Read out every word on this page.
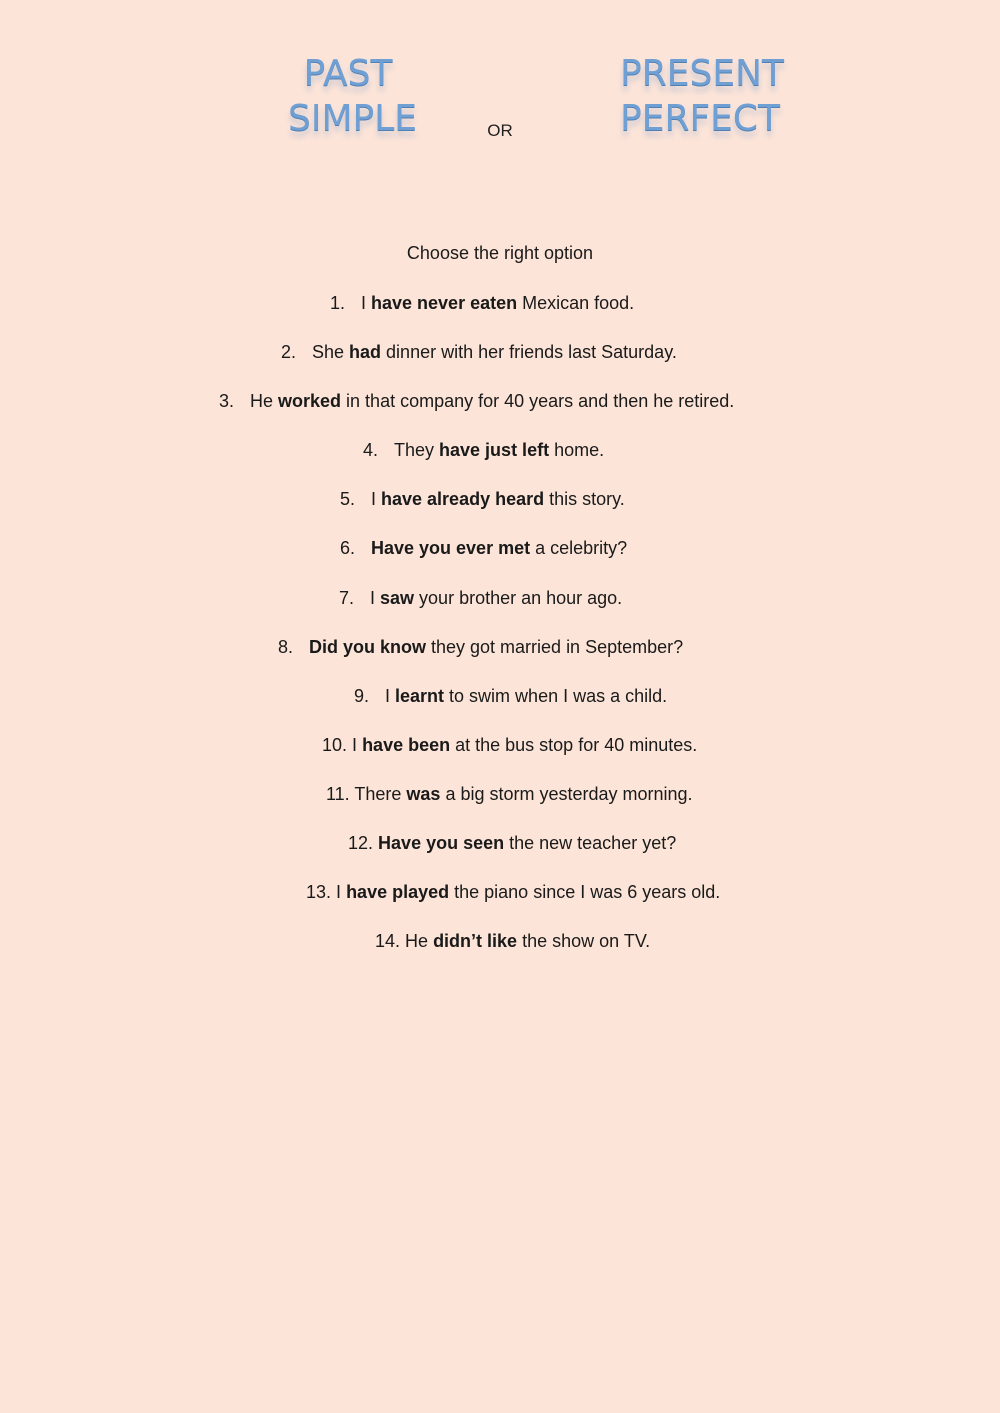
PAST
SIMPLE	OR
PRESENT
PERFECT
Choose the right option
1. I have never eaten Mexican food.
2. She had dinner with her friends last Saturday.
3. He worked in that company for 40 years and then he retired.
4. They have just left home.
5. I have already heard this story.
6. Have you ever met a celebrity?
7. I saw your brother an hour ago.
8. Did you know they got married in September?
9. I learnt to swim when I was a child.
10. I have been at the bus stop for 40 minutes.
11. There was a big storm yesterday morning.
12. Have you seen the new teacher yet?
13. I have played the piano since I was 6 years old.
14. He didn’t like the show on TV.
